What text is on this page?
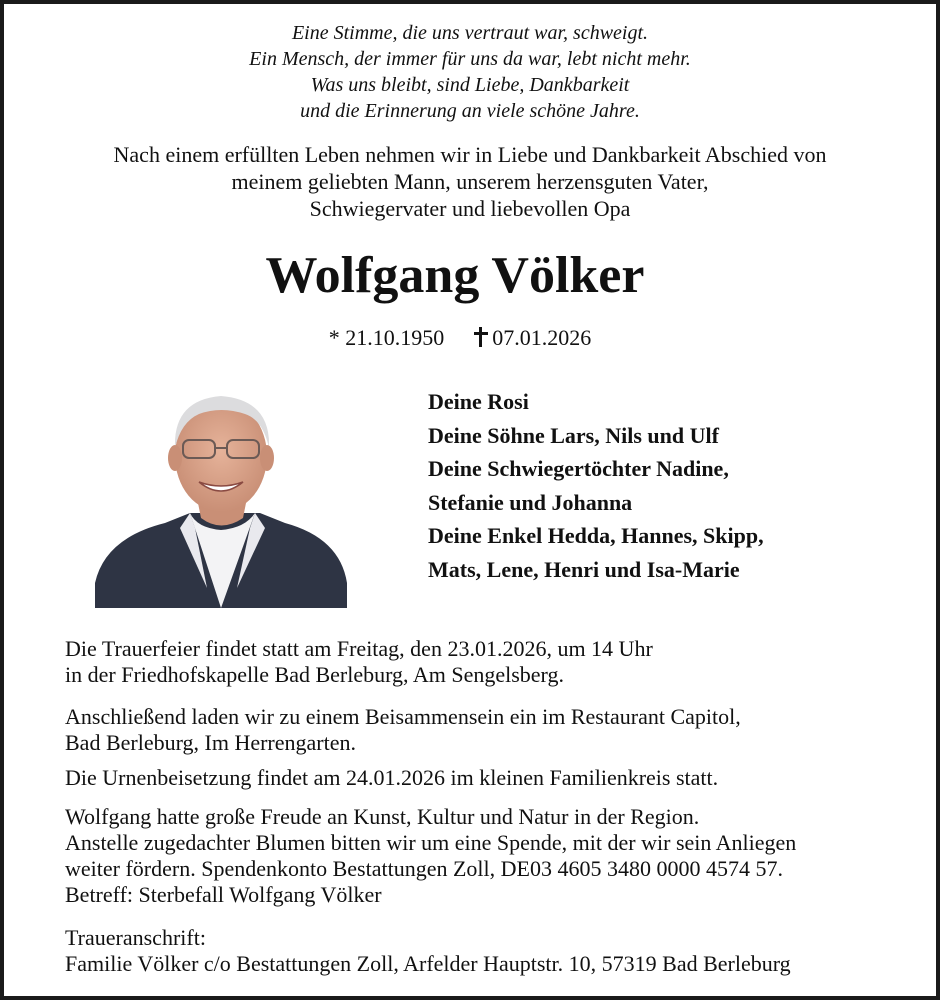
Eine Stimme, die uns vertraut war, schweigt.
Ein Mensch, der immer für uns da war, lebt nicht mehr.
Was uns bleibt, sind Liebe, Dankbarkeit
und die Erinnerung an viele schöne Jahre.
Nach einem erfüllten Leben nehmen wir in Liebe und Dankbarkeit Abschied von
meinem geliebten Mann, unserem herzensguten Vater,
Schwiegervater und liebevollen Opa
Wolfgang Völker
* 21.10.1950 07.01.2026
Deine Rosi
Deine Söhne Lars, Nils und Ulf
Deine Schwiegertöchter Nadine,
Stefanie und Johanna
Deine Enkel Hedda, Hannes, Skipp,
Mats, Lene, Henri und Isa-Marie
Die Trauerfeier findet statt am Freitag, den 23.01.2026, um 14 Uhr
in der Friedhofskapelle Bad Berleburg, Am Sengelsberg.
Anschließend laden wir zu einem Beisammensein ein im Restaurant Capitol,
Bad Berleburg, Im Herrengarten.
Die Urnenbeisetzung findet am 24.01.2026 im kleinen Familienkreis statt.
Wolfgang hatte große Freude an Kunst, Kultur und Natur in der Region.
Anstelle zugedachter Blumen bitten wir um eine Spende, mit der wir sein Anliegen
weiter fördern. Spendenkonto Bestattungen Zoll, DE03 4605 3480 0000 4574 57.
Betreff: Sterbefall Wolfgang Völker
Traueranschrift:
Familie Völker c/o Bestattungen Zoll, Arfelder Hauptstr. 10, 57319 Bad Berleburg
